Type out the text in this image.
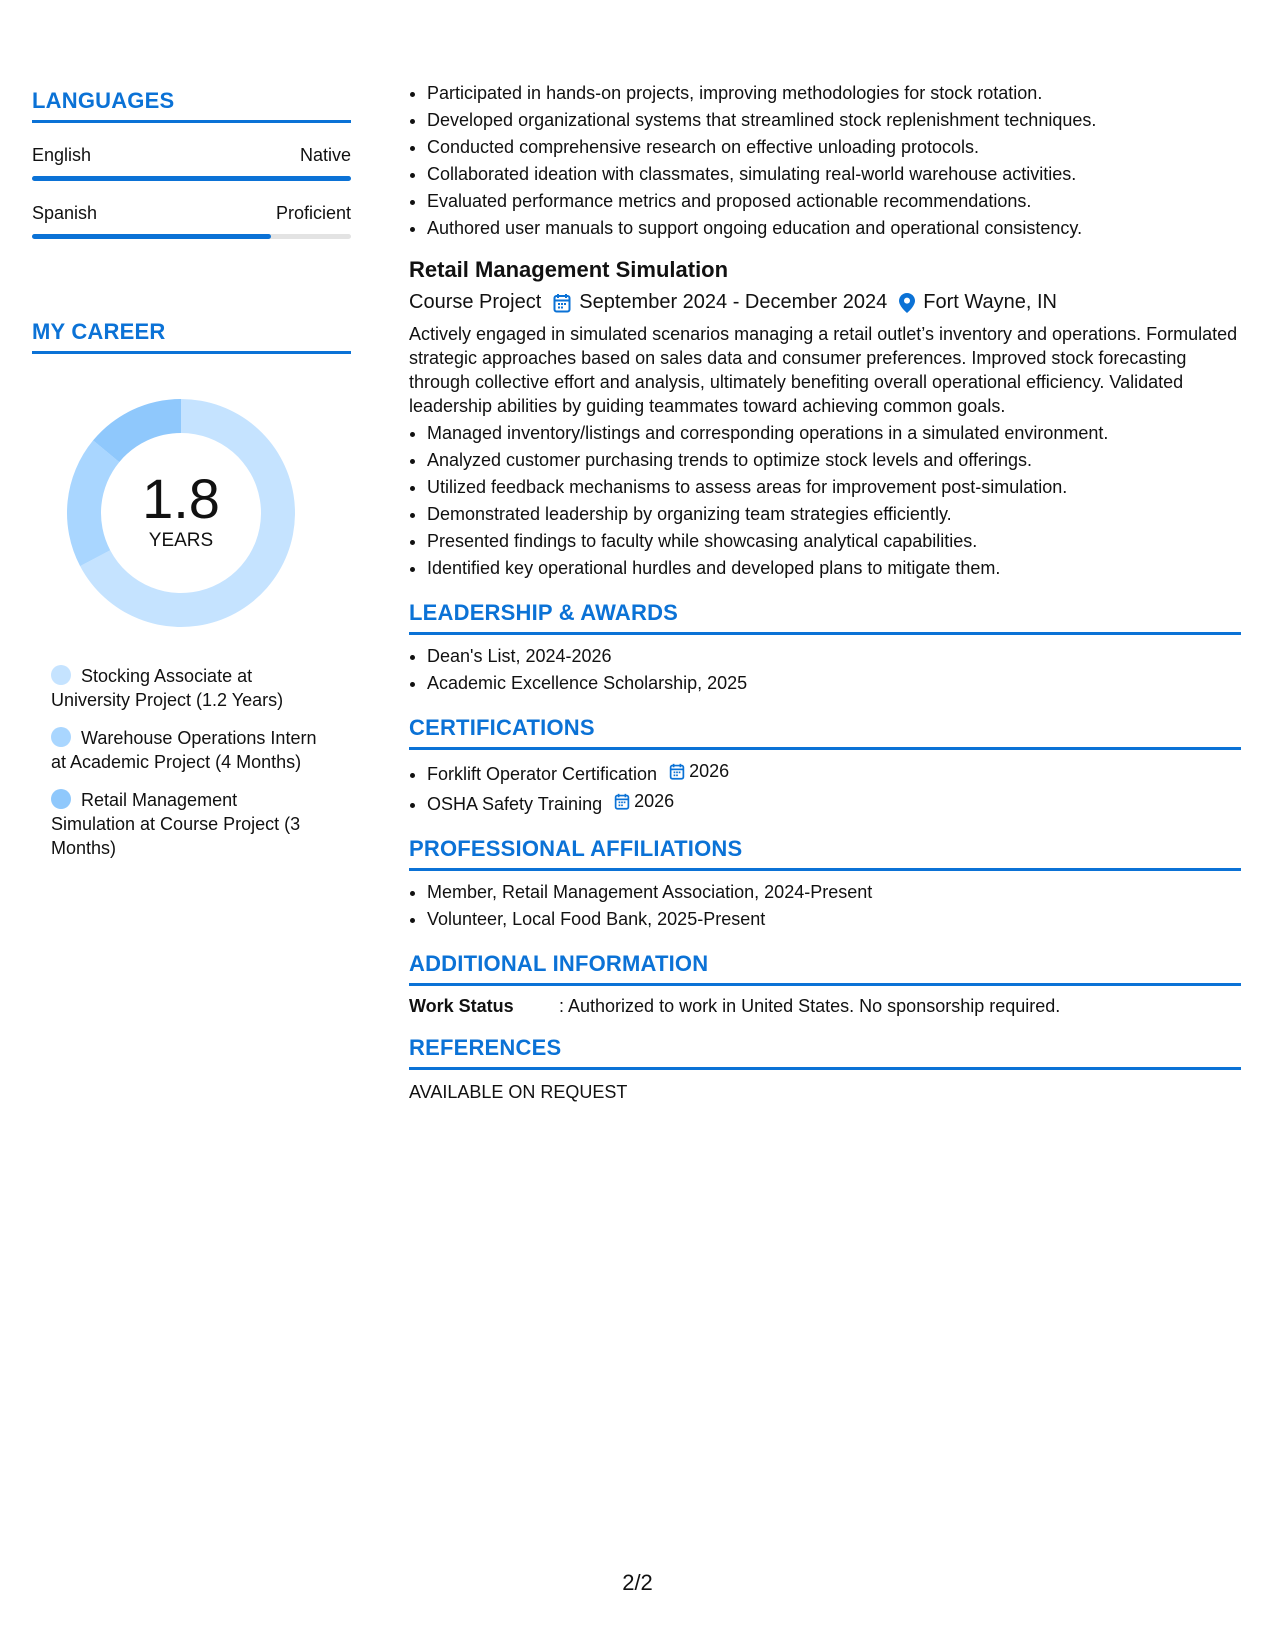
LANGUAGES
English	Native
Spanish	Proficient
MY CAREER
1.8
YEARS
Stocking Associate at University Project (1.2 Years)
Warehouse Operations Intern at Academic Project (4 Months)
Retail Management Simulation at Course Project (3 Months)
• Participated in hands-on projects, improving methodologies for stock rotation.
• Developed organizational systems that streamlined stock replenishment techniques.
• Conducted comprehensive research on effective unloading protocols.
• Collaborated ideation with classmates, simulating real-world warehouse activities.
• Evaluated performance metrics and proposed actionable recommendations.
• Authored user manuals to support ongoing education and operational consistency.
Retail Management Simulation
Course Project September 2024 - December 2024 Fort Wayne, IN
Actively engaged in simulated scenarios managing a retail outlet’s inventory and operations. Formulated strategic approaches based on sales data and consumer preferences. Improved stock forecasting through collective effort and analysis, ultimately benefiting overall operational efficiency. Validated leadership abilities by guiding teammates toward achieving common goals.
• Managed inventory/listings and corresponding operations in a simulated environment.
• Analyzed customer purchasing trends to optimize stock levels and offerings.
• Utilized feedback mechanisms to assess areas for improvement post-simulation.
• Demonstrated leadership by organizing team strategies efficiently.
• Presented findings to faculty while showcasing analytical capabilities.
• Identified key operational hurdles and developed plans to mitigate them.
LEADERSHIP & AWARDS
• Dean's List, 2024-2026
• Academic Excellence Scholarship, 2025
CERTIFICATIONS
• Forklift Operator Certification 2026
• OSHA Safety Training 2026
PROFESSIONAL AFFILIATIONS
• Member, Retail Management Association, 2024-Present
• Volunteer, Local Food Bank, 2025-Present
ADDITIONAL INFORMATION
Work Status	: Authorized to work in United States. No sponsorship required.
REFERENCES
AVAILABLE ON REQUEST
2/2
